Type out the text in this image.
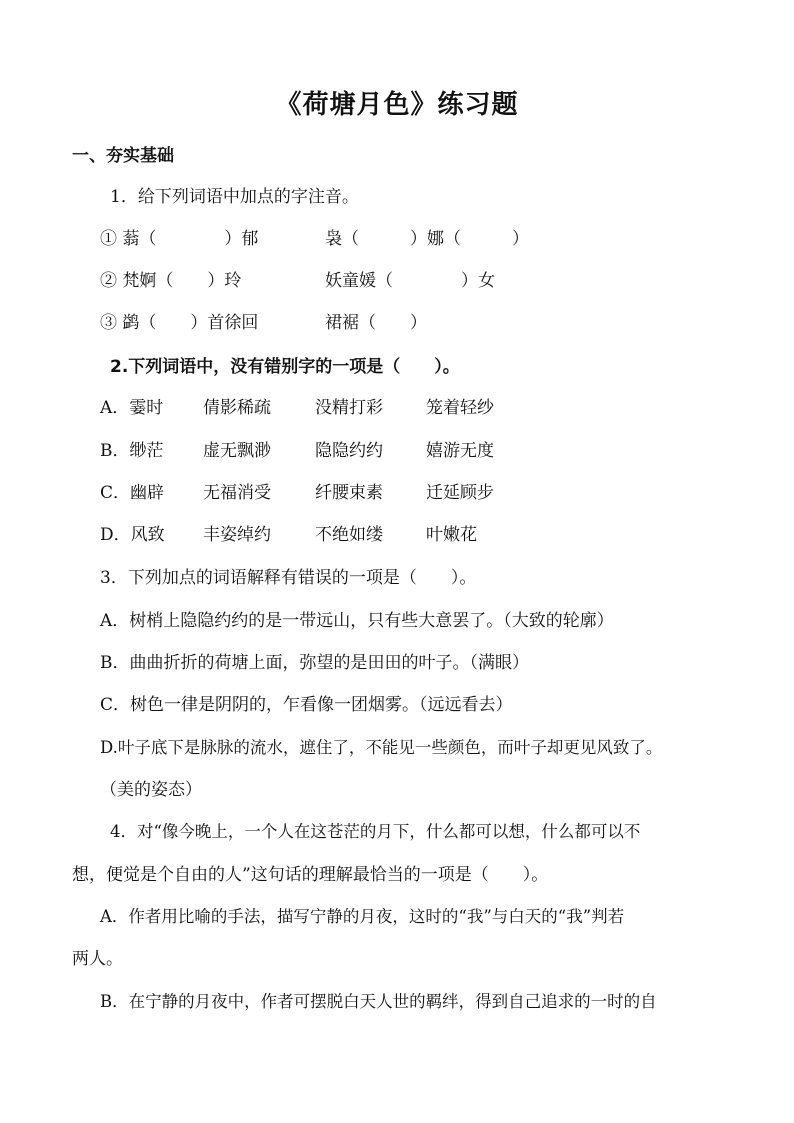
《荷塘月色》练习题
一、夯实基础
1．给下列词语中加点的字注音。
① 蓊（　　　　）郁	袅（　　　）娜（　　　）
② 梵婀（　　）玲	妖童媛（　　　　）女
③ 鹢（　　）首徐回	裙裾（　　）
2.下列词语中，没有错别字的一项是（　　）。
A．霎时 倩影稀疏	没精打彩	笼着轻纱
B．缈茫 虚无飘渺	隐隐约约	嬉游无度
C．幽辟 无福消受	纤腰束素	迁延顾步
D．风致 丰姿绰约	不绝如缕	叶嫩花
3．下列加点的词语解释有错误的一项是（　　）。
A．树梢上隐隐约约的是一带远山，只有些大意罢了。（大致的轮廓）
B．曲曲折折的荷塘上面，弥望的是田田的叶子。（满眼）
C．树色一律是阴阴的，乍看像一团烟雾。（远远看去）
D.叶子底下是脉脉的流水，遮住了，不能见一些颜色，而叶子却更见风致了。
（美的姿态）
4．对“像今晚上，一个人在这苍茫的月下，什么都可以想，什么都可以不
想，便觉是个自由的人”这句话的理解最恰当的一项是（　　）。
A．作者用比喻的手法，描写宁静的月夜，这时的“我”与白天的“我”判若
两人。
B．在宁静的月夜中，作者可摆脱白天人世的羁绊，得到自己追求的一时的自
